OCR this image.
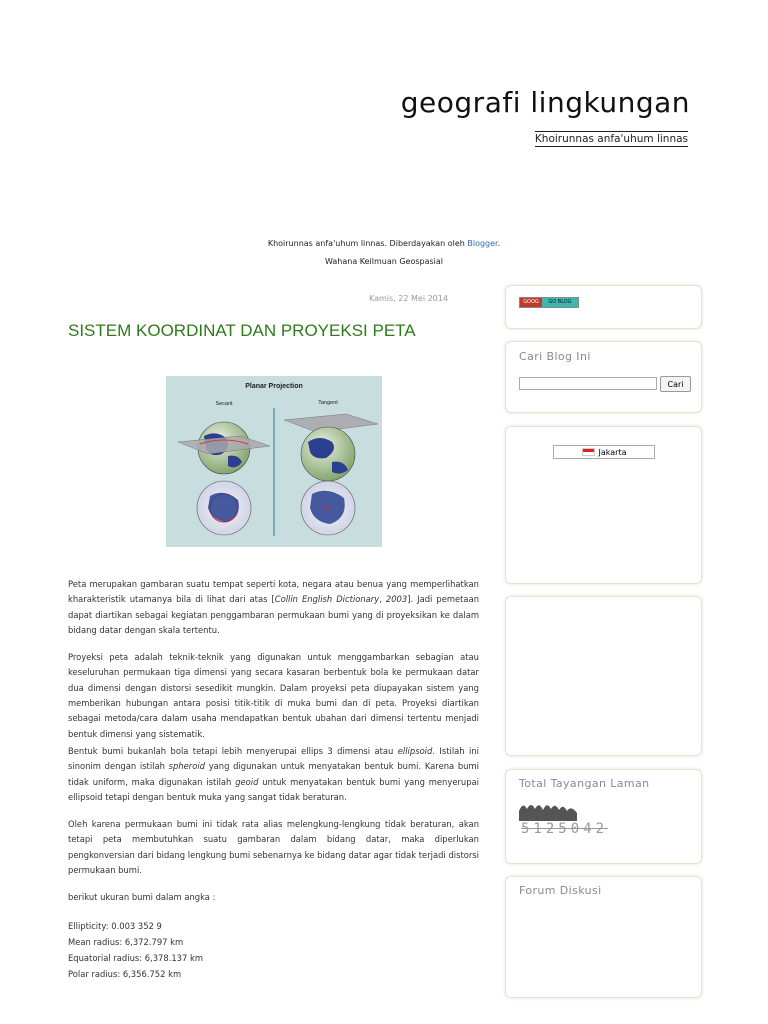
geografi lingkungan
Khoirunnas anfa'uhum linnas
Khoirunnas anfa'uhum linnas. Diberdayakan oleh Blogger.
Wahana Keilmuan Geospasial
Kamis, 22 Mei 2014
SISTEM KOORDINAT DAN PROYEKSI PETA
Planar Projection
Secant	Tangent

Peta merupakan gambaran suatu tempat seperti kota, negara atau benua yang memperlihatkan kharakteristik utamanya bila di lihat dari atas [Collin English Dictionary, 2003]. Jadi pemetaan dapat diartikan sebagai kegiatan penggambaran permukaan bumi yang di proyeksikan ke dalam bidang datar dengan skala tertentu.

Proyeksi peta adalah teknik-teknik yang digunakan untuk menggambarkan sebagian atau keseluruhan permukaan tiga dimensi yang secara kasaran berbentuk bola ke permukaan datar dua dimensi dengan distorsi sesedikit mungkin. Dalam proyeksi peta diupayakan sistem yang memberikan hubungan antara posisi titik-titik di muka bumi dan di peta. Proyeksi diartikan sebagai metoda/cara dalam usaha mendapatkan bentuk ubahan dari dimensi tertentu menjadi bentuk dimensi yang sistematik.

Bentuk bumi bukanlah bola tetapi lebih menyerupai ellips 3 dimensi atau ellipsoid. Istilah ini sinonim dengan istilah spheroid yang digunakan untuk menyatakan bentuk bumi. Karena bumi tidak uniform, maka digunakan istilah geoid untuk menyatakan bentuk bumi yang menyerupai ellipsoid tetapi dengan bentuk muka yang sangat tidak beraturan.

Oleh karena permukaan bumi ini tidak rata alias melengkung-lengkung tidak beraturan, akan tetapi peta membutuhkan suatu gambaran dalam bidang datar, maka diperlukan pengkonversian dari bidang lengkung bumi sebenarnya ke bidang datar agar tidak terjadi distorsi permukaan bumi.

berikut ukuran bumi dalam angka :

Ellipticity: 0.003 352 9
Mean radius: 6,372.797 km
Equatorial radius: 6,378.137 km
Polar radius: 6,356.752 km
GOOG	GO BLOG
Cari Blog Ini
Cari
Jakarta
Total Tayangan Laman
5125042
Forum Diskusi
